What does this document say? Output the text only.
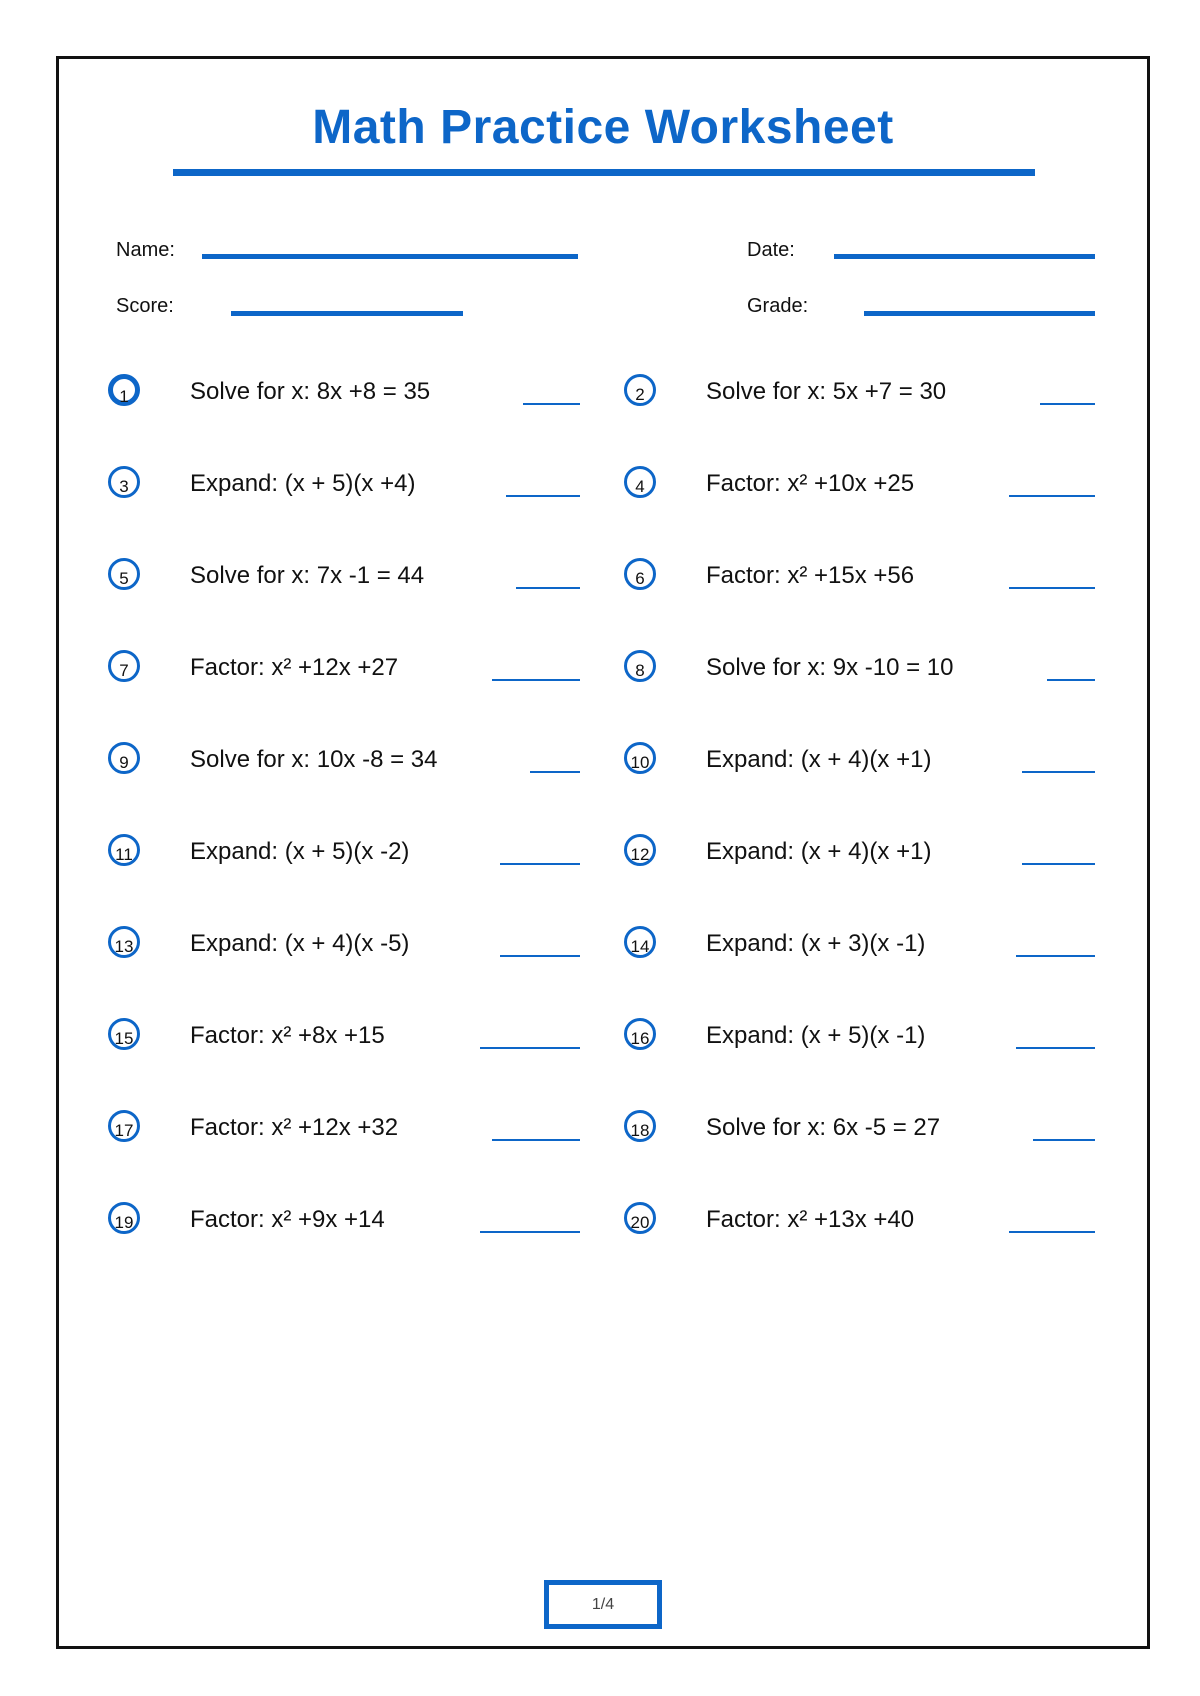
Math Practice Worksheet
Name:	Date:
Score:	Grade:
1	Solve for x: 8x +8 = 35
3	Expand: (x + 5)(x +4)
5	Solve for x: 7x -1 = 44
7	Factor: x² +12x +27
9	Solve for x: 10x -8 = 34
11 Expand: (x + 5)(x -2)
13 Expand: (x + 4)(x -5)
15 Factor: x² +8x +15
17 Factor: x² +12x +32
19 Factor: x² +9x +14
2	Solve for x: 5x +7 = 30
4	Factor: x² +10x +25
6	Factor: x² +15x +56
8	Solve for x: 9x -10 = 10
10 Expand: (x + 4)(x +1)
12 Expand: (x + 4)(x +1)
14 Expand: (x + 3)(x -1)
16 Expand: (x + 5)(x -1)
18 Solve for x: 6x -5 = 27
20 Factor: x² +13x +40
1/4
